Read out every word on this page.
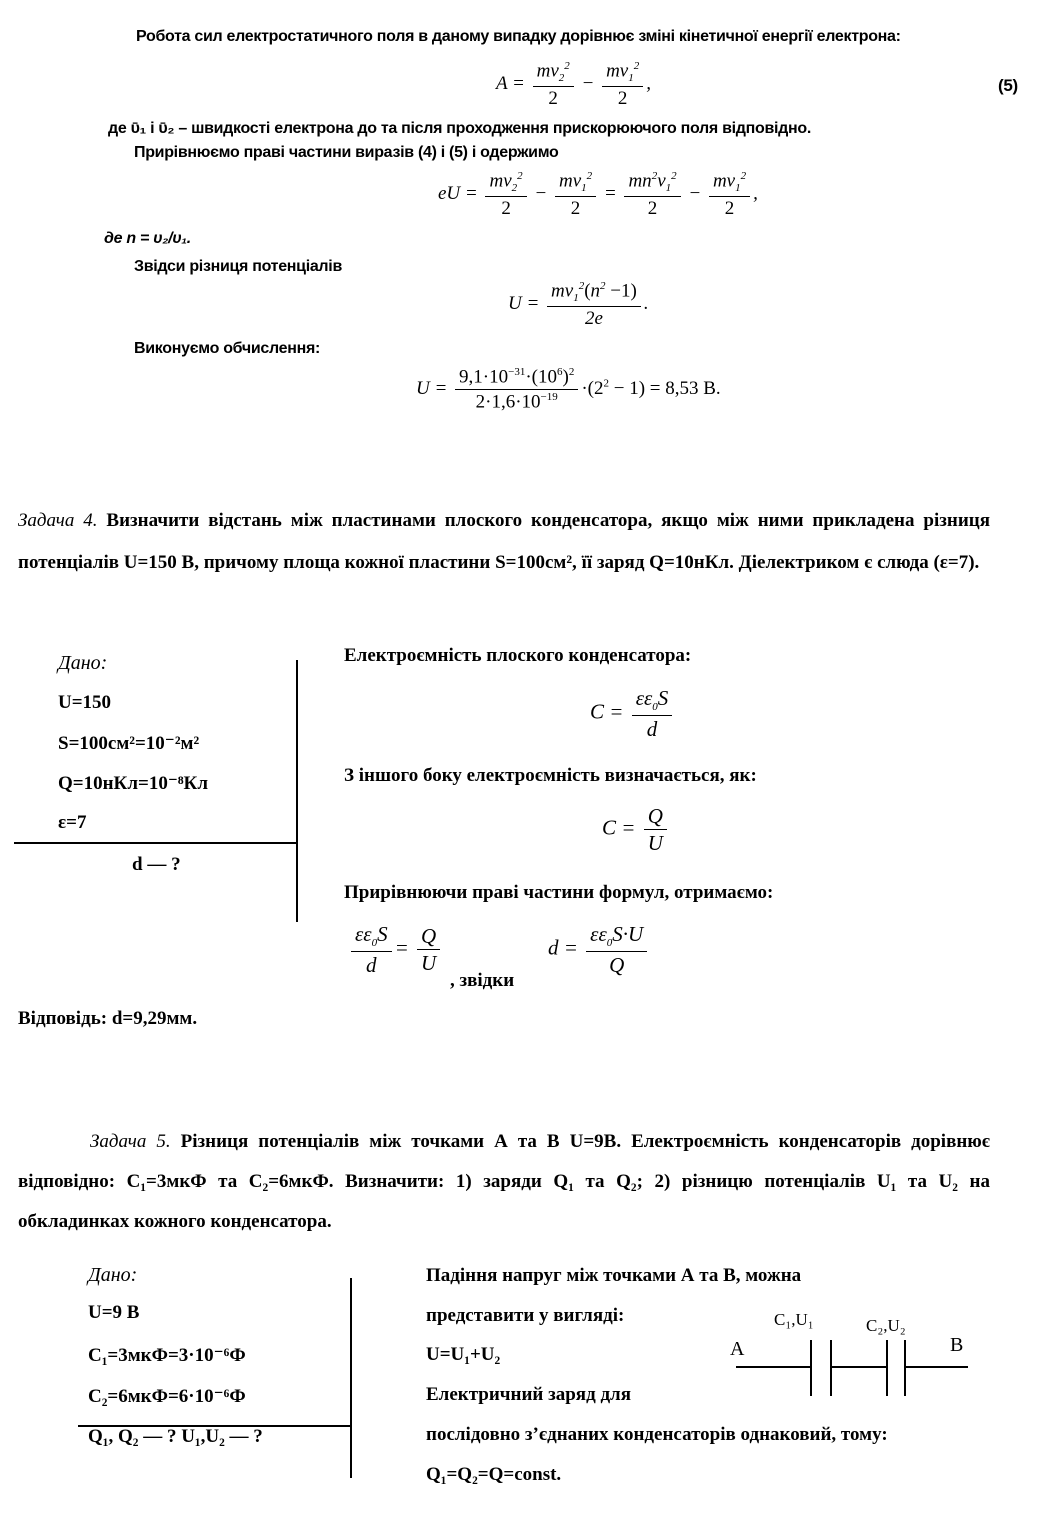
Робота сил електростатичного поля в даному випадку дорівнює зміні кінетичної енергії електрона:
$A = \frac{mv_2^2}{2} - \frac{mv_1^2}{2}$ ,	(5)
де ῡ₁ і ῡ₂ – швидкості електрона до та після проходження прискорюючого поля відповідно.
Прирівнюємо праві частини виразів (4) і (5) і одержимо
eU = $\frac{mv_2^2}{2} - \frac{mv_1^2}{2} = \frac{mn^2v_1^2}{2} - \frac{mv_1^2}{2}$ ,
де n = υ₂/υ₁.
Звідси різниця потенціалів
$U = \frac{mv_1^2(n^2 -1)}{2e}$ .
Виконуємо обчислення:
$U = \frac{9,1\cdot 10^{-31}\cdot(10^6)^2}{2\cdot 1,6\cdot 10^{-19}} \cdot(2^2 - 1) = 8,53$ В.
Задача 4. Визначити відстань між пластинами плоского конденсатора, якщо між ними прикладена різниця потенціалів U=150 В, причому площа кожної пластини S=100см², її заряд Q=10нКл. Діелектриком є слюда (ε=7).
Дано:
U=150
S=100см²=10⁻²м²
Q=10нКл=10⁻⁸Кл
ε=7
d — ?
Електроємність плоского конденсатора:
$C = \frac{\varepsilon\varepsilon_0S}{d}$
З іншого боку електроємність визначається, як:
$C = \frac{Q}{U}$
Прирівнюючи праві частини формул, отримаємо:
$\frac{\varepsilon\varepsilon_0S}{d} = \frac{Q}{U}$
, звідки
$d = \frac{\varepsilon\varepsilon_0S\cdot U}{Q}$
Відповідь: d=9,29мм.
Задача 5. Різниця потенціалів між точками А та В U=9В. Електроємність конденсаторів дорівнює відповідно: C₁=3мкФ та C₂=6мкФ. Визначити: 1) заряди Q₁ та Q₂; 2) різницю потенціалів U₁ та U₂ на обкладинках кожного конденсатора.
Дано:
U=9 В
C₁=3мкФ=3·10⁻⁶Ф
C₂=6мкФ=6·10⁻⁶Ф
Q₁, Q₂ — ? U₁,U₂ — ?
Падіння напруг між точками А та В, можна
представити у вигляді:
U=U₁+U₂
Електричний заряд для
послідовно з’єднаних конденсаторів однаковий, тому:
Q₁=Q₂=Q=const.
А	В
C₁,U₁	C₂,U₂
